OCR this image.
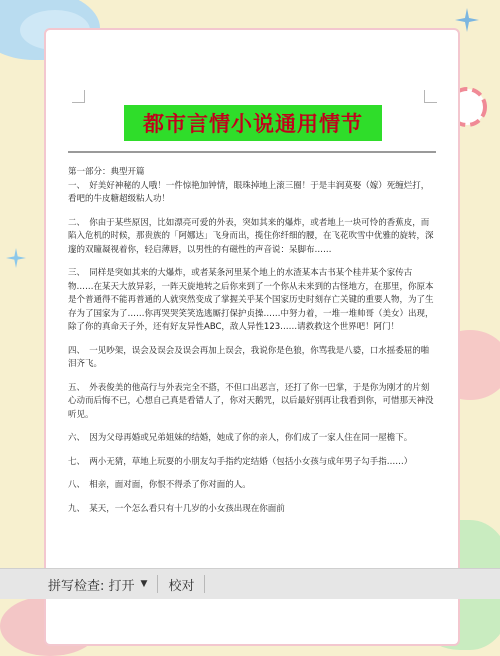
都市言情小说通用情节
第一部分：典型开篇
一、　好美好神秘的人哦！一件惊艳加钟情，眼珠掉地上滚三圈！于是丰润莫娶（嫁）死缠烂打，看吧的牛皮糖超级粘人功！
二、　你由于某些原因，比如漂亮可爱的外表，突如其来的爆炸，或者地上一块可怜的香蕉皮，而陷入危机的时候，那贵族的「阿娜达」飞身而出，揽住你纤细的腰，在飞花吹雪中优雅的旋转，深邃的双瞳凝视着你，轻启薄唇，以男性的有磁性的声音说：呆脚布……
三、　同样是突如其来的大爆炸，或者某条河里某个地上的水渣某本古书某个桂井某个家传古物……在某天大放异彩，一阵天旋地转之后你来到了一个你从未来到的古怪地方，在那里，你原本是个普通得不能再普通的人就突然变成了掌握关乎某个国家历史时刻存亡关键的重要人物，为了生存为了国家为了……你再哭哭笑笑选逃厮打保护贞操……中努力着，一堆一堆帅哥（美女）出现，除了你的真命天子外，还有好友异性ABC，敌人异性123……请救救这个世界吧！阿门！
四、　一见吵架，误会及误会及误会再加上误会，我说你是色狼，你骂我是八婆，口水摇委屈的啪泪齐飞。
五、　外表俊美的他高行与外表完全不搭，不但口出恶言，还打了你一巴掌，于是你为刚才的片刻心动而后悔不已，心想自己真是看错人了，你对天鹅咒，以后最好别再让我看到你，可惜那天神没听见。
六、　因为父母再婚或兄弟姐妹的结婚，她成了你的亲人，你们成了一家人住在同一屋檐下。
七、　两小无猜，草地上玩耍的小朋友勾手指约定结婚（包括小女孩与成年男子勾手指……）
八、　相亲，面对面，你恨不得杀了你对面的人。
九、　某天，一个怎么看只有十几岁的小女孩出现在你面前
拼写检查: 打开 ▼ 校对
